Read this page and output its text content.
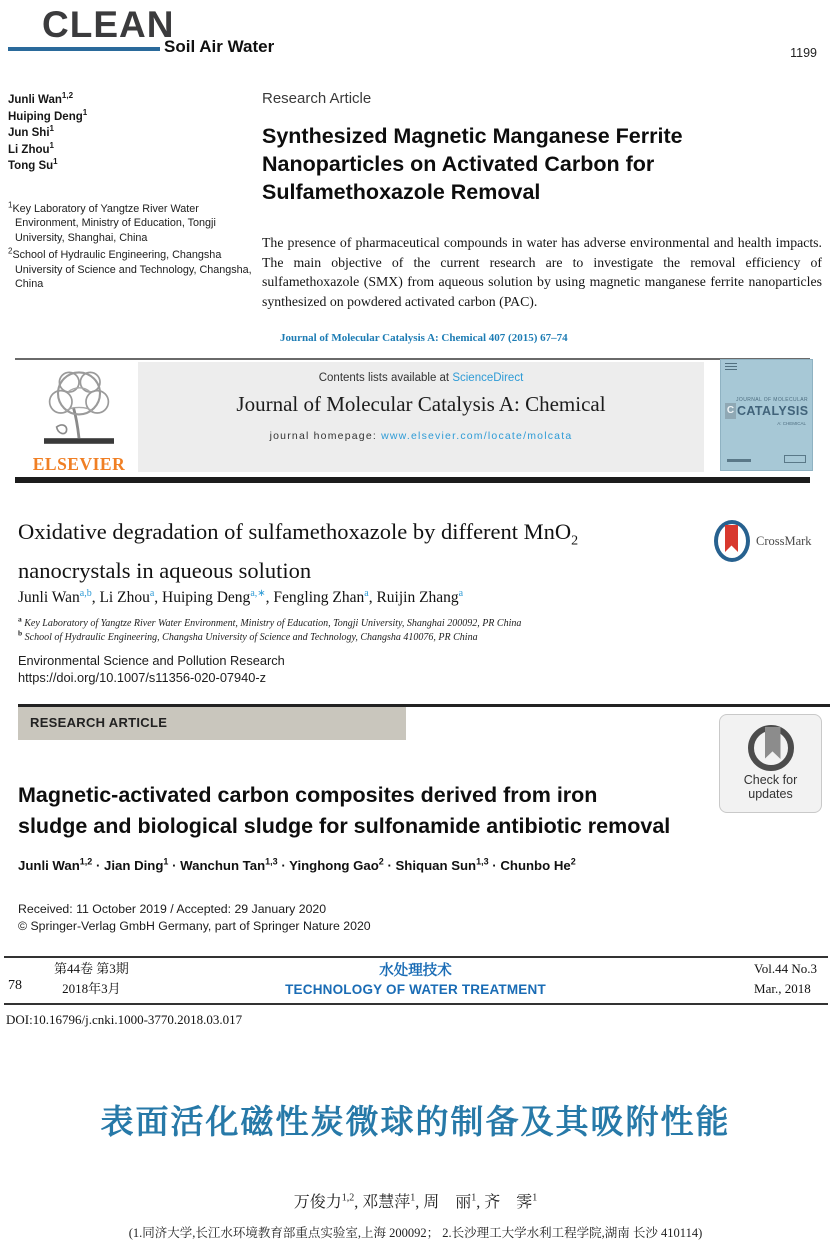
CLEAN
Soil Air Water	1199
Junli Wan$^{1,2}$
Huiping Deng$^1$
Jun Shi$^1$
Li Zhou$^1$
Tong Su$^1$
$^1$Key Laboratory of Yangtze River Water Environment, Ministry of Education, Tongji University, Shanghai, China
$^2$School of Hydraulic Engineering, Changsha University of Science and Technology, Changsha, China
Research Article
Synthesized Magnetic Manganese Ferrite
Nanoparticles on Activated Carbon for
Sulfamethoxazole Removal
The presence of pharmaceutical compounds in water has adverse environmental and health impacts. The main objective of the current research are to investigate the removal efficiency of sulfamethoxazole (SMX) from aqueous solution by using magnetic manganese ferrite nanoparticles synthesized on powdered activated carbon (PAC).
Journal of Molecular Catalysis A: Chemical 407 (2015) 67–74
ELSEVIER
Contents lists available at ScienceDirect
Journal of Molecular Catalysis A: Chemical
journal homepage: www.elsevier.com/locate/molcata
JOURNAL OF MOLECULAR
C CATALYSIS
A: CHEMICAL
Oxidative degradation of sulfamethoxazole by different MnO$_2$
nanocrystals in aqueous solution
CrossMark
Junli Wan$^{a,b}$, Li Zhou$^a$, Huiping Deng$^{a,∗}$, Fengling Zhan$^a$, Ruijin Zhang$^a$
$^a$ Key Laboratory of Yangtze River Water Environment, Ministry of Education, Tongji University, Shanghai 200092, PR China
$^b$ School of Hydraulic Engineering, Changsha University of Science and Technology, Changsha 410076, PR China
Environmental Science and Pollution Research
https://doi.org/10.1007/s11356-020-07940-z
RESEARCH ARTICLE
Check for updates
Magnetic-activated carbon composites derived from iron
sludge and biological sludge for sulfonamide antibiotic removal
Junli Wan$^{1,2}$ · Jian Ding$^1$ · Wanchun Tan$^{1,3}$ · Yinghong Gao$^2$ · Shiquan Sun$^{1,3}$ · Chunbo He$^2$
Received: 11 October 2019 / Accepted: 29 January 2020
© Springer-Verlag GmbH Germany, part of Springer Nature 2020
78
第44卷 第3期
2018年3月
水处理技术
TECHNOLOGY OF WATER TREATMENT
Vol.44 No.3
Mar., 2018
DOI:10.16796/j.cnki.1000-3770.2018.03.017
表面活化磁性炭微球的制备及其吸附性能
万俊力$^{1,2}$, 邓慧萍$^1$, 周　丽$^1$, 齐　霁$^1$
(1.同济大学,长江水环境教育部重点实验室,上海 200092； 2.长沙理工大学水利工程学院,湖南 长沙 410114)
